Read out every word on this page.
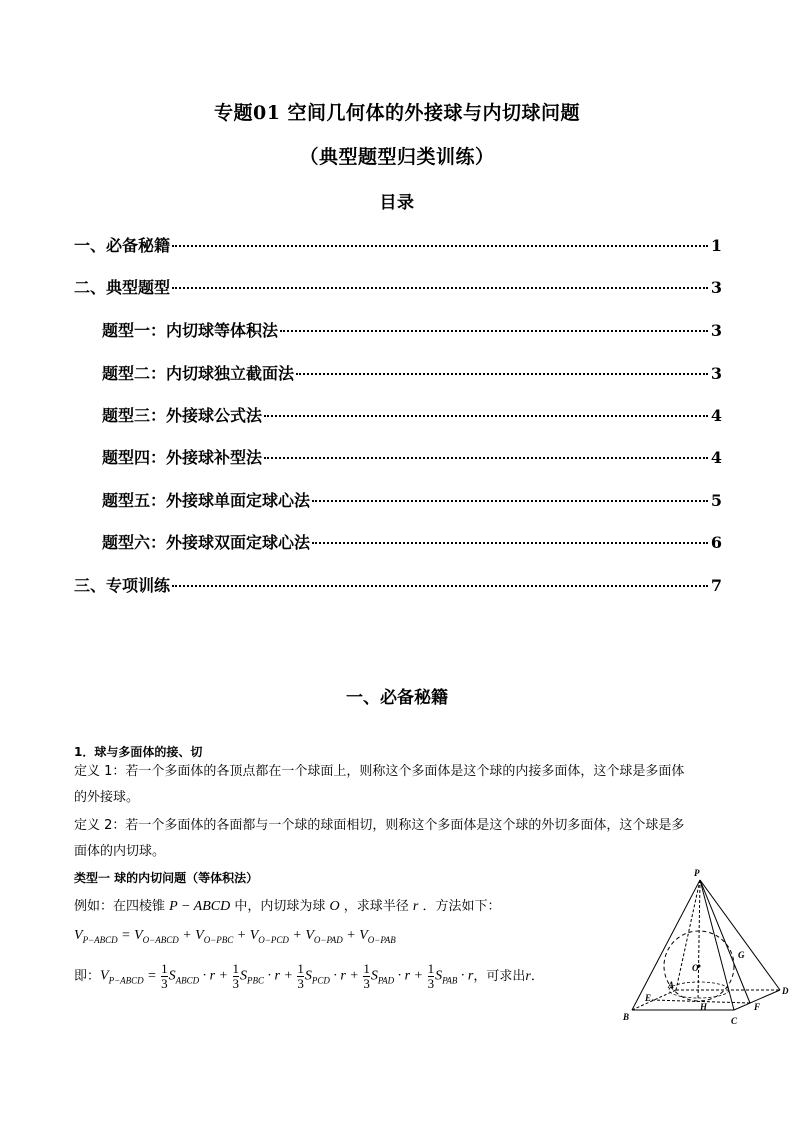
专题01 空间几何体的外接球与内切球问题
（典型题型归类训练）
目录
一、必备秘籍	1
二、典型题型	3
题型一：内切球等体积法	3
题型二：内切球独立截面法	3
题型三：外接球公式法	4
题型四：外接球补型法	4
题型五：外接球单面定球心法	5
题型六：外接球双面定球心法	6
三、专项训练	7
一、必备秘籍
1．球与多面体的接、切
定义 1：若一个多面体的各顶点都在一个球面上，则称这个多面体是这个球的内接多面体，这个球是多面体
的外接球。
定义 2：若一个多面体的各面都与一个球的球面相切，则称这个多面体是这个球的外切多面体，这个球是多
面体的内切球。
类型一 球的内切问题（等体积法）
例如：在四棱锥 P − ABCD 中，内切球为球 O ，求球半径 r ．方法如下：
$V_{P-ABCD} = V_{O-ABCD} + V_{O-PBC} + V_{O-PCD} + V_{O-PAD} + V_{O-PAB}$
即： $V_{P-ABCD} = \frac{1}{3} S_{ABCD} \cdot r + \frac{1}{3} S_{PBC} \cdot r + \frac{1}{3} S_{PCD} \cdot r + \frac{1}{3} S_{PAD} \cdot r + \frac{1}{3} S_{PAB} \cdot r$ ，可求出 r ．
P
O
G
A
D
E
H	F
B	C
